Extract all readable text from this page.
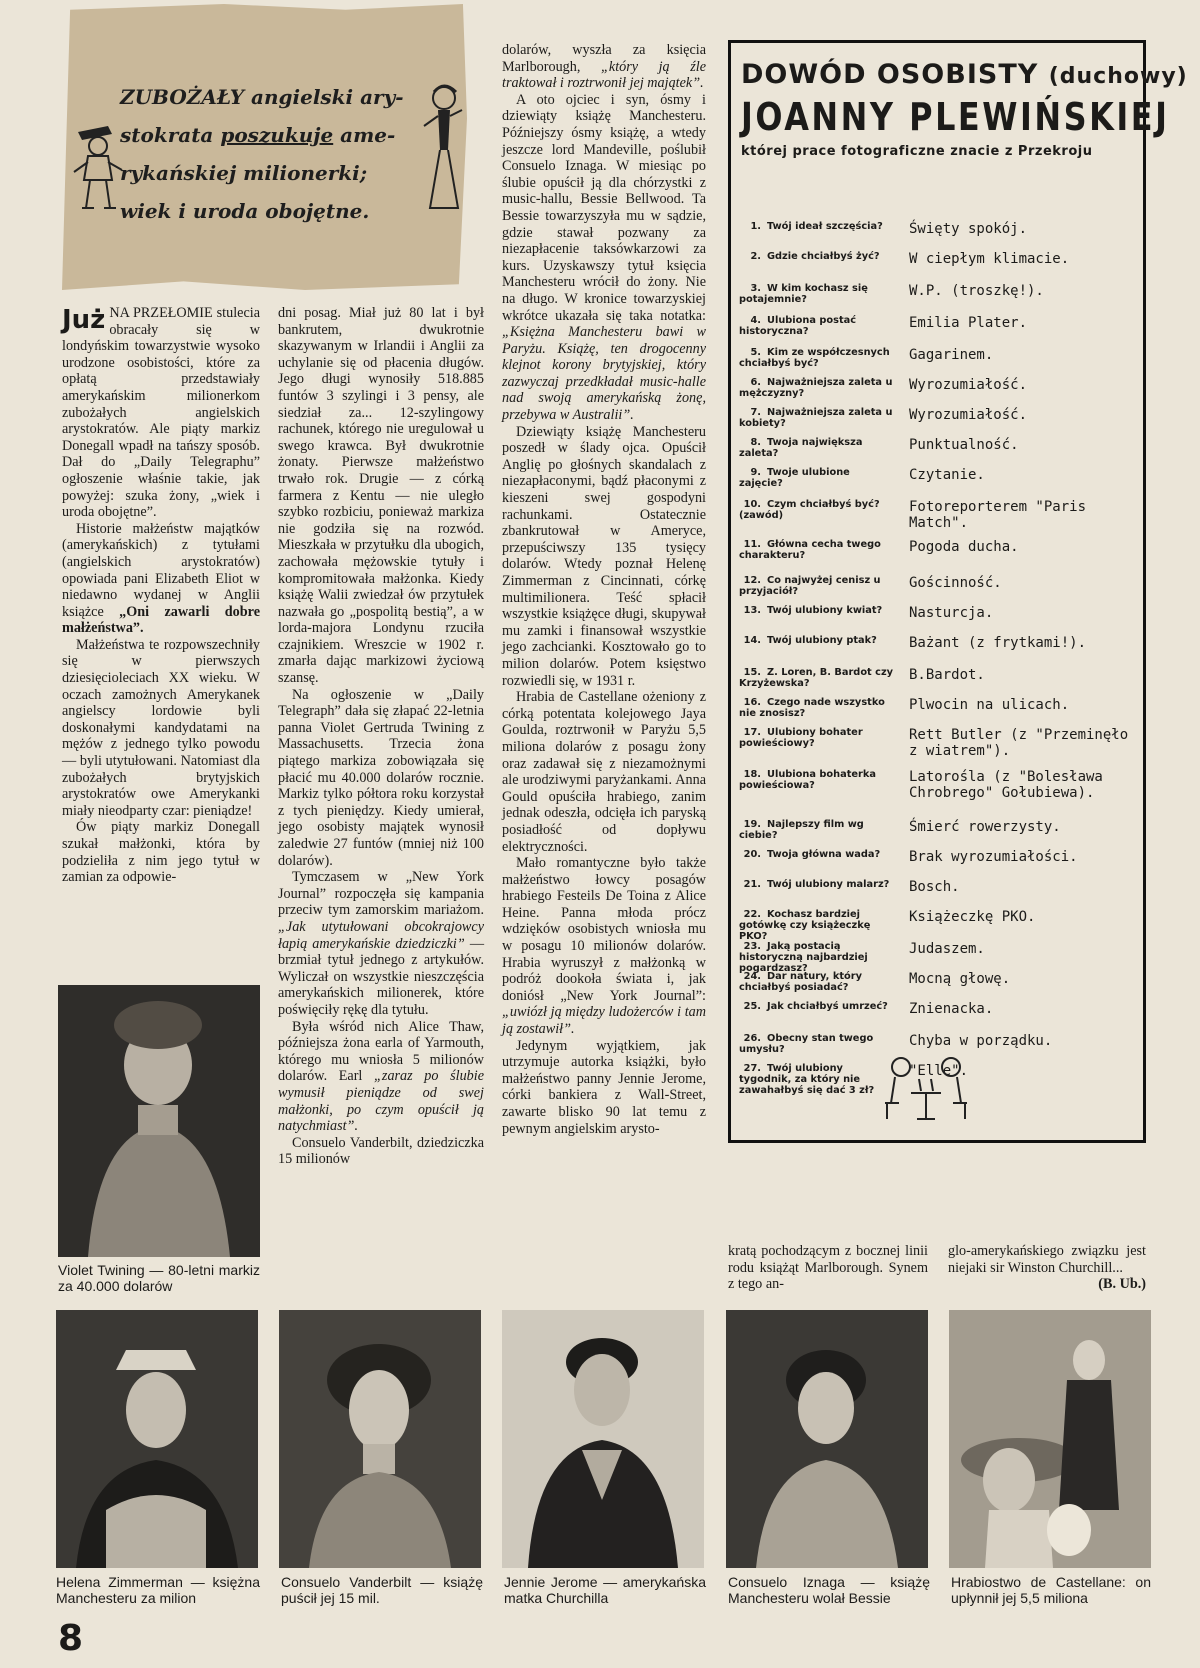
ZUBOŻAŁY angielski ary-
stokrata poszukuje ame-
rykańskiej milionerki;
wiek i uroda obojętne.

Już NA PRZEŁOMIE stulecia obracały się w londyńskim towarzystwie wysoko urodzone osobistości, które za opłatą przedstawiały amerykańskim milionerkom zubożałych angielskich arystokratów. Ale piąty markiz Donegall wpadł na tańszy sposób. Dał do „Daily Telegraphu” ogłoszenie właśnie takie, jak powyżej: szuka żony, „wiek i uroda obojętne”.

Historie małżeństw majątków (amerykańskich) z tytułami (angielskich arystokratów) opowiada pani Elizabeth Eliot w niedawno wydanej w Anglii książce „Oni zawarli dobre małżeństwa”.

Małżeństwa te rozpowszechniły się w pierwszych dziesięcioleciach XX wieku. W oczach zamożnych Amerykanek angielscy lordowie byli doskonałymi kandydatami na mężów z jednego tylko powodu — byli utytułowani. Natomiast dla zubożałych brytyjskich arystokratów owe Amerykanki miały nieodparty czar: pieniądze!

Ów piąty markiz Donegall szukał małżonki, która by podzieliła z nim jego tytuł w zamian za odpowie-

dni posag. Miał już 80 lat i był bankrutem, dwukrotnie skazywanym w Irlandii i Anglii za uchylanie się od płacenia długów. Jego długi wynosiły 518.885 funtów 3 szylingi i 3 pensy, ale siedział za... 12-szylingowy rachunek, którego nie uregulował u swego krawca. Był dwukrotnie żonaty. Pierwsze małżeństwo trwało rok. Drugie — z córką farmera z Kentu — nie uległo szybko rozbiciu, ponieważ markiza nie godziła się na rozwód. Mieszkała w przytułku dla ubogich, zachowała mężowskie tytuły i kompromitowała małżonka. Kiedy książę Walii zwiedzał ów przytułek nazwała go „pospolitą bestią”, a w lorda-majora Londynu rzuciła czajnikiem. Wreszcie w 1902 r. zmarła dając markizowi życiową szansę.

Na ogłoszenie w „Daily Telegraph” dała się złapać 22-letnia panna Violet Gertruda Twining z Massachusetts. Trzecia żona piątego markiza zobowiązała się płacić mu 40.000 dolarów rocznie. Markiz tylko półtora roku korzystał z tych pieniędzy. Kiedy umierał, jego osobisty majątek wynosił zaledwie 27 funtów (mniej niż 100 dolarów).

Tymczasem w „New York Journal” rozpoczęła się kampania przeciw tym zamorskim mariażom. „Jak utytułowani obcokrajowcy łapią amerykańskie dziedziczki” — brzmiał tytuł jednego z artykułów. Wyliczał on wszystkie nieszczęścia amerykańskich milionerek, które poświęciły rękę dla tytułu.

Była wśród nich Alice Thaw, późniejsza żona earla of Yarmouth, którego mu wniosła 5 milionów dolarów. Earl „zaraz po ślubie wymusił pieniądze od swej małżonki, po czym opuścił ją natychmiast”.

Consuelo Vanderbilt, dziedziczka 15 milionów

dolarów, wyszła za księcia Marlborough, „który ją źle traktował i roztrwonił jej majątek”.

A oto ojciec i syn, ósmy i dziewiąty książę Manchesteru. Późniejszy ósmy książę, a wtedy jeszcze lord Mandeville, poślubił Consuelo Iznaga. W miesiąc po ślubie opuścił ją dla chórzystki z music-hallu, Bessie Bellwood. Ta Bessie towarzyszyła mu w sądzie, gdzie stawał pozwany za niezapłacenie taksówkarzowi za kurs. Uzyskawszy tytuł księcia Manchesteru wrócił do żony. Nie na długo. W kronice towarzyskiej wkrótce ukazała się taka notatka: „Księżna Manchesteru bawi w Paryżu. Książę, ten drogocenny klejnot korony brytyjskiej, który zazwyczaj przedkładał music-halle nad swoją amerykańską żonę, przebywa w Australii”.

Dziewiąty książę Manchesteru poszedł w ślady ojca. Opuścił Anglię po głośnych skandalach z niezapłaconymi, bądź płaconymi z kieszeni swej gospodyni rachunkami. Ostatecznie zbankrutował w Ameryce, przepuściwszy 135 tysięcy dolarów. Wtedy poznał Helenę Zimmerman z Cincinnati, córkę multimilionera. Teść spłacił wszystkie książęce długi, skupywał mu zamki i finansował wszystkie jego zachcianki. Kosztowało go to milion dolarów. Potem księstwo rozwiedli się, w 1931 r.

Hrabia de Castellane ożeniony z córką potentata kolejowego Jaya Goulda, roztrwonił w Paryżu 5,5 miliona dolarów z posagu żony oraz zadawał się z niezamożnymi ale urodziwymi paryżankami. Anna Gould opuściła hrabiego, zanim jednak odeszła, odcięła ich paryską posiadłość od dopływu elektryczności.

Mało romantyczne było także małżeństwo łowcy posagów hrabiego Festeils De Toina z Alice Heine. Panna młoda prócz wdzięków osobistych wniosła mu w posagu 10 milionów dolarów. Hrabia wyruszył z małżonką w podróż dookoła świata i, jak doniósł „New York Journal”: „uwiózł ją między ludożerców i tam ją zostawił”.

Jedynym wyjątkiem, jak utrzymuje autorka książki, było małżeństwo panny Jennie Jerome, córki bankiera z Wall-Street, zawarte blisko 90 lat temu z pewnym angielskim arysto-

kratą pochodzącym z bocznej linii rodu książąt Marlborough. Synem z tego an-

glo-amerykańskiego związku jest niejaki sir Winston Churchill...

(B. Ub.)

DOWÓD OSOBISTY (duchowy)
JOANNY PLEWIŃSKIEJ
której prace fotograficzne znacie z Przekroju
1. Twój ideał szczęścia?	Święty spokój.
2. Gdzie chciałbyś żyć?	W ciepłym klimacie.
3. W kim kochasz się potajemnie?
W.P. (troszkę!).
4. Ulubiona postać historyczna?
Emilia Plater.
5. Kim ze współczesnych chciałbyś być?
Gagarinem.
6. Najważniejsza zaleta u mężczyzny?
Wyrozumiałość.
7. Najważniejsza zaleta u kobiety?
Wyrozumiałość.
8. Twoja największa zaleta?
Punktualność.
9. Twoje ulubione zajęcie?
Czytanie.
10. Czym chciałbyś być? (zawód)
Fotoreporterem "Paris Match".
11. Główna cecha twego charakteru?
Pogoda ducha.
12. Co najwyżej cenisz u przyjaciół?
Gościnność.
13. Twój ulubiony kwiat?	Nasturcja.
14. Twój ulubiony ptak?	Bażant (z frytkami!).
15. Z. Loren, B. Bardot czy Krzyżewska?
B.Bardot.
16. Czego nade wszystko nie znosisz?
Plwocin na ulicach.
17. Ulubiony bohater powieściowy?
Rett Butler (z "Przeminęło z wiatrem").
18. Ulubiona bohaterka powieściowa?
Latorośla (z "Bolesława Chrobrego" Gołubiewa).
19. Najlepszy film wg ciebie?
Śmierć rowerzysty.
20. Twoja główna wada?	Brak wyrozumiałości.
21. Twój ulubiony malarz?	Bosch.
22. Kochasz bardziej gotówkę czy książeczkę PKO?
Książeczkę PKO.
23. Jaką postacią historyczną najbardziej pogardzasz?
Judaszem.
24. Dar natury, który chciałbyś posiadać?
Mocną głowę.
25. Jak chciałbyś umrzeć?	Znienacka.
26. Obecny stan twego umysłu?
Chyba w porządku.
27. Twój ulubiony tygodnik, za który nie zawahałbyś się dać 3 zł?
"Elle".
Violet Twining — 80-letni markiz za 40.000 dolarów
Helena Zimmerman — księżna Manchesteru za milion
Consuelo Vanderbilt — książę puścił jej 15 mil.
Jennie Jerome — amerykańska matka Churchilla
Consuelo Iznaga — książę Manchesteru wolał Bessie
Hrabiostwo de Castellane: on upłynnił jej 5,5 miliona
8
